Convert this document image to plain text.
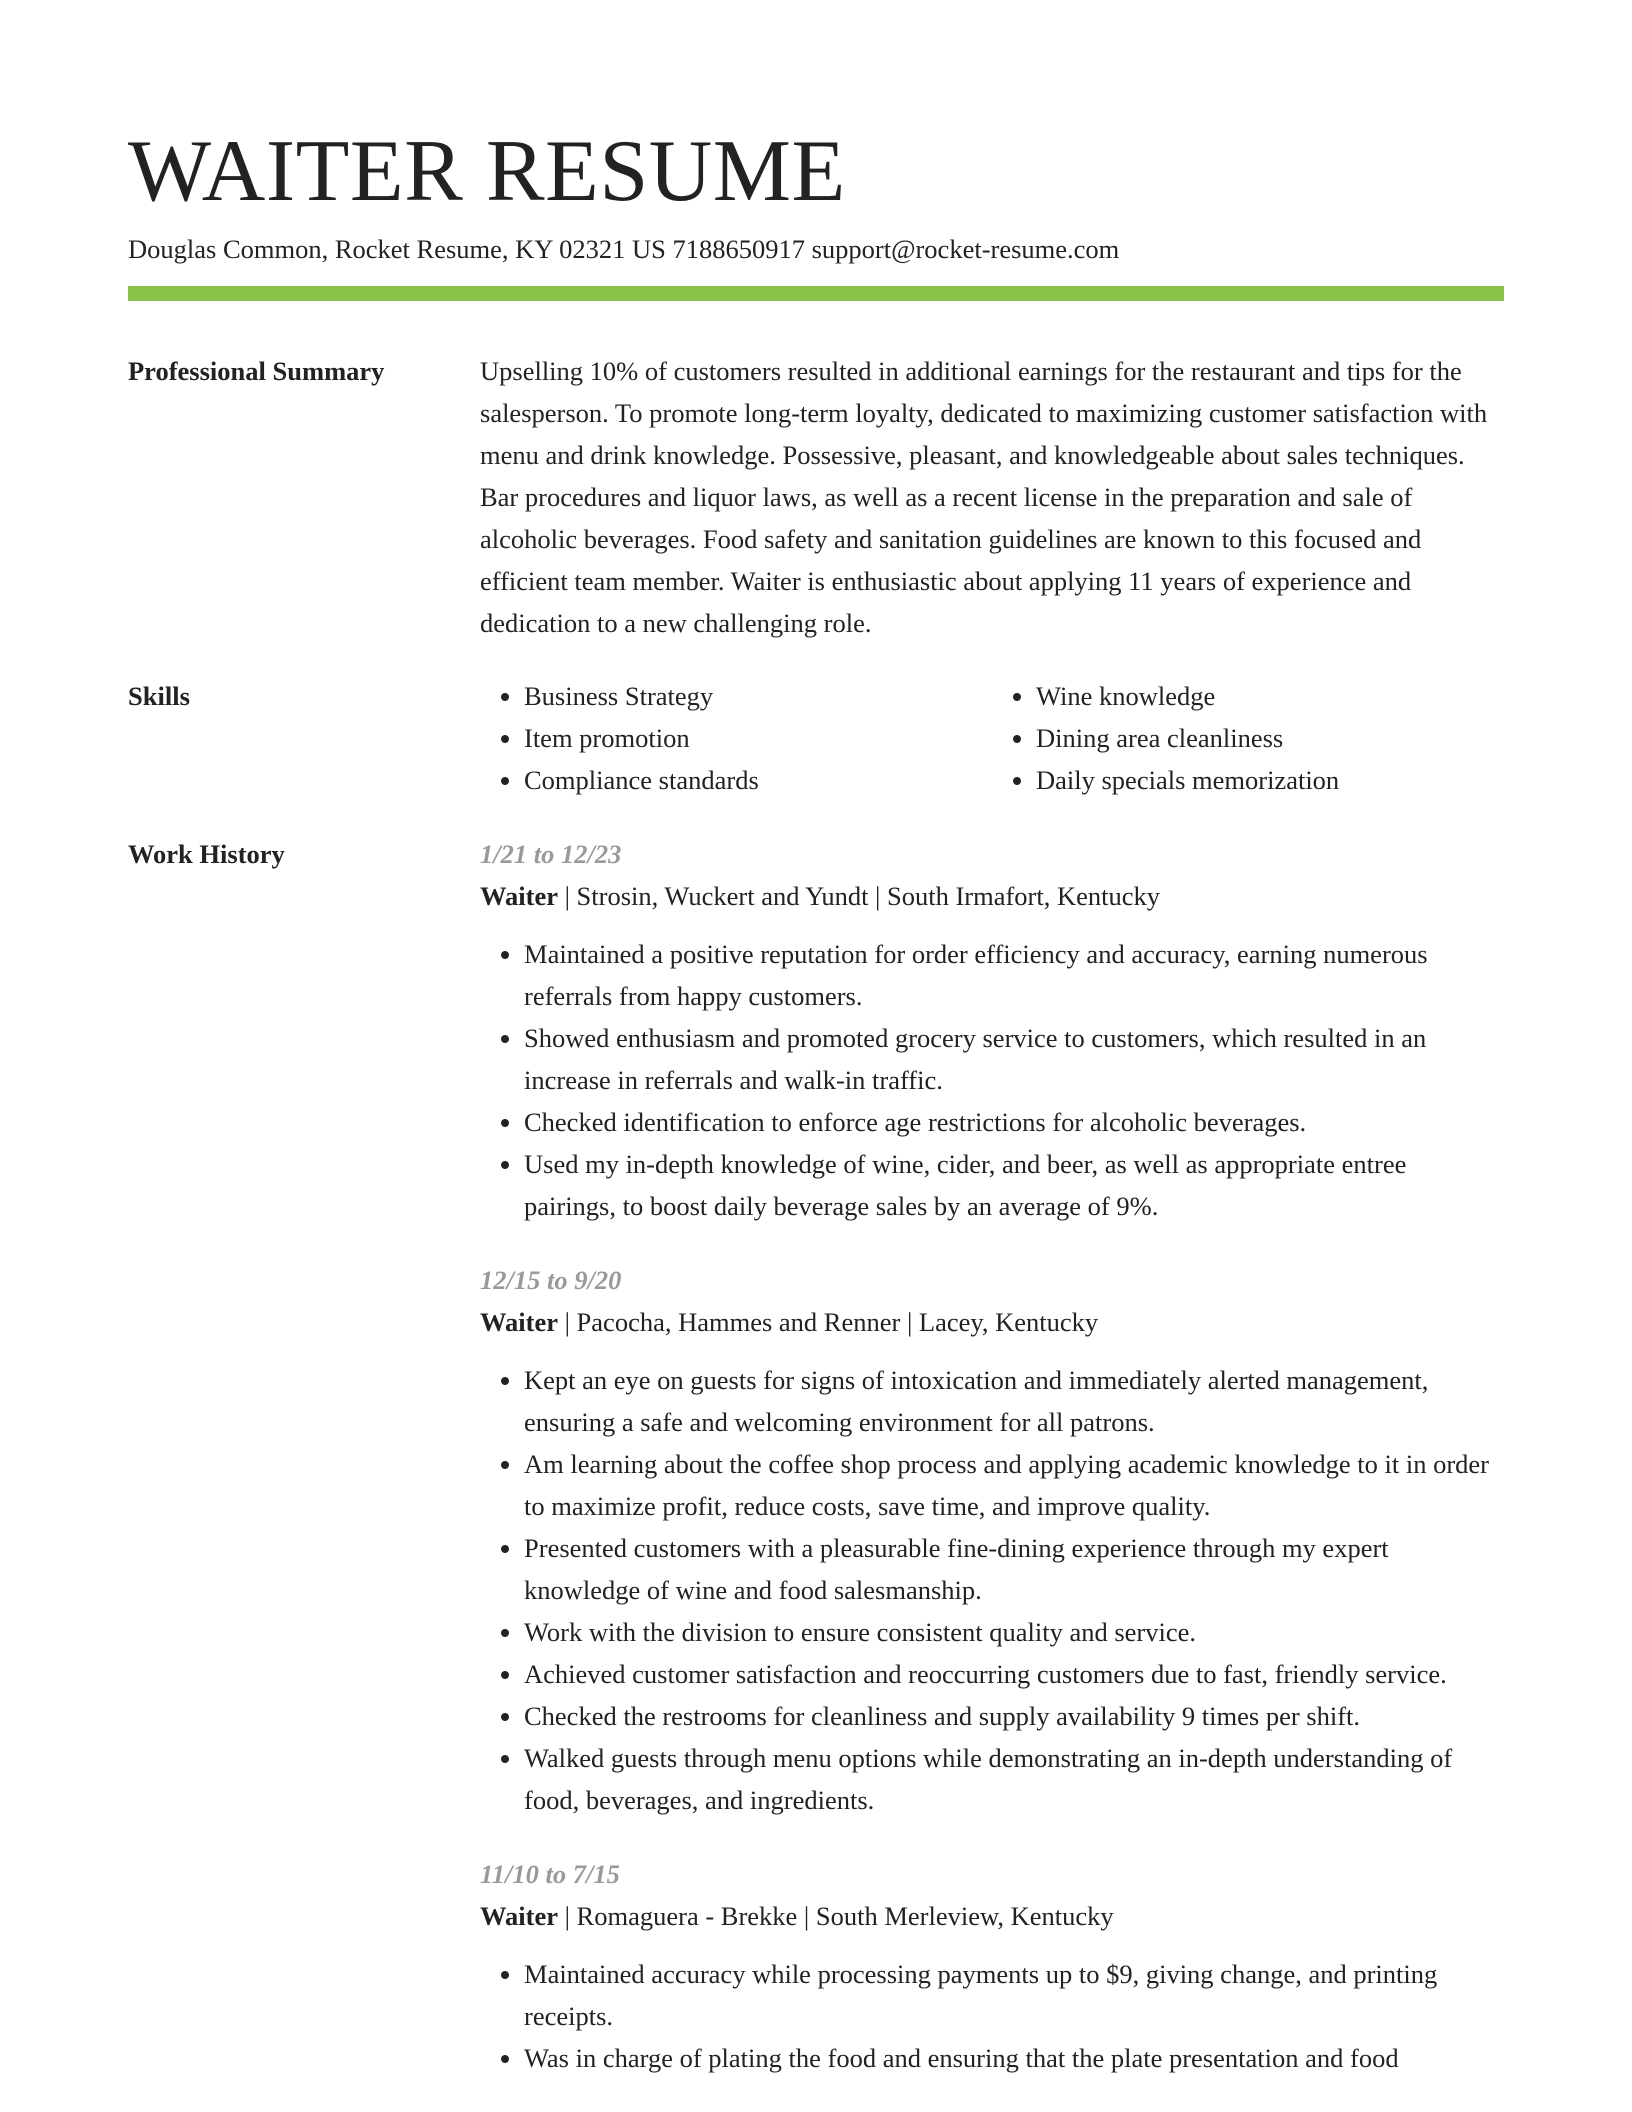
WAITER RESUME
Douglas Common, Rocket Resume, KY 02321 US 7188650917 support@rocket-resume.com
Professional Summary	Upselling 10% of customers resulted in additional earnings for the restaurant and tips for the salesperson. To promote long-term loyalty, dedicated to maximizing customer satisfaction with menu and drink knowledge. Possessive, pleasant, and knowledgeable about sales techniques. Bar procedures and liquor laws, as well as a recent license in the preparation and sale of alcoholic beverages. Food safety and sanitation guidelines are known to this focused and efficient team member. Waiter is enthusiastic about applying 11 years of experience and dedication to a new challenging role.

Skills
•	Business Strategy
• Item promotion
• Compliance standards
• Wine knowledge
• Dining area cleanliness
• Daily specials memorization
Work History	1/21 to 12/23
Waiter | Strosin, Wuckert and Yundt | South Irmafort, Kentucky
• Maintained a positive reputation for order efficiency and accuracy, earning numerous referrals from happy customers.
• Showed enthusiasm and promoted grocery service to customers, which resulted in an increase in referrals and walk-in traffic.
• Checked identification to enforce age restrictions for alcoholic beverages.
• Used my in-depth knowledge of wine, cider, and beer, as well as appropriate entree pairings, to boost daily beverage sales by an average of 9%.
12/15 to 9/20
Waiter | Pacocha, Hammes and Renner | Lacey, Kentucky
• Kept an eye on guests for signs of intoxication and immediately alerted management, ensuring a safe and welcoming environment for all patrons.
• Am learning about the coffee shop process and applying academic knowledge to it in order to maximize profit, reduce costs, save time, and improve quality.
• Presented customers with a pleasurable fine-dining experience through my expert knowledge of wine and food salesmanship.
• Work with the division to ensure consistent quality and service.
• Achieved customer satisfaction and reoccurring customers due to fast, friendly service.
• Checked the restrooms for cleanliness and supply availability 9 times per shift.
• Walked guests through menu options while demonstrating an in-depth understanding of food, beverages, and ingredients.
11/10 to 7/15
Waiter | Romaguera - Brekke | South Merleview, Kentucky
• Maintained accuracy while processing payments up to $9, giving change, and printing receipts.
• Was in charge of plating the food and ensuring that the plate presentation and food
